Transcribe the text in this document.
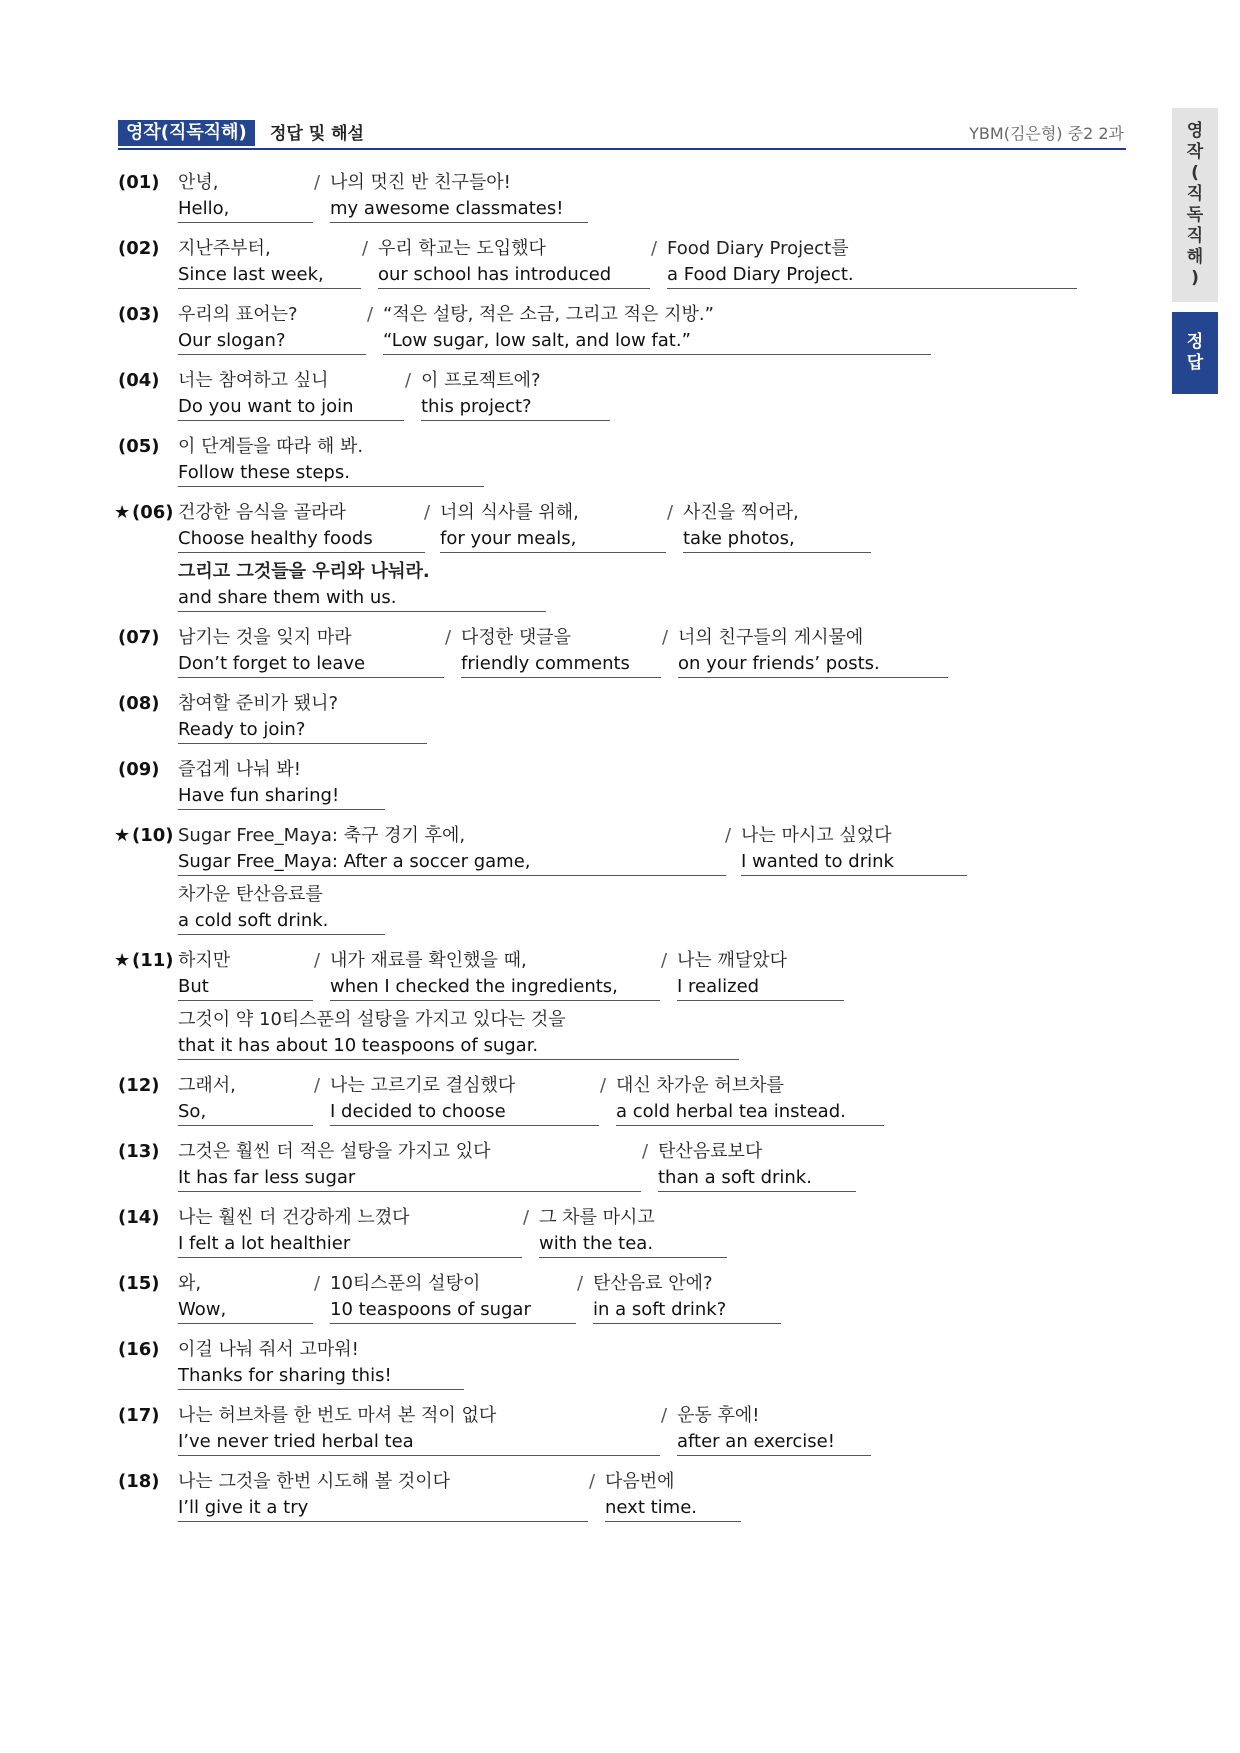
영작(직독직해)	정답 및 해설	YBM(김은형) 중2 2과	영
작
(
직
독
직
해
)
정
답
(01) 안녕,
Hello,
/ 나의 멋진 반 친구들아!
my awesome classmates!
(02) 지난주부터,
Since last week,
/ 우리 학교는 도입했다
our school has introduced
/ Food Diary Project를
a Food Diary Project.
(03) 우리의 표어는?
Our slogan?
/ “적은 설탕, 적은 소금, 그리고 적은 지방.”
“Low sugar, low salt, and low fat.”
(04) 너는 참여하고 싶니
Do you want to join
/ 이 프로젝트에?
this project?
(05) 이 단계들을 따라 해 봐.
Follow these steps.
★ (06) 건강한 음식을 골라라
Choose healthy foods
/ 너의 식사를 위해,
for your meals,
/ 사진을 찍어라,
take photos,
그리고 그것들을 우리와 나눠라.
and share them with us.
(07) 남기는 것을 잊지 마라
Don’t forget to leave
/ 다정한 댓글을
friendly comments
/ 너의 친구들의 게시물에
on your friends’ posts.
(08) 참여할 준비가 됐니?
Ready to join?
(09) 즐겁게 나눠 봐!
Have fun sharing!
★ (10) Sugar Free_Maya: 축구 경기 후에,
Sugar Free_Maya: After a soccer game,
/ 나는 마시고 싶었다
I wanted to drink
차가운 탄산음료를
a cold soft drink.
★ (11) 하지만
But
/ 내가 재료를 확인했을 때,
when I checked the ingredients,
/ 나는 깨달았다
I realized
그것이 약 10티스푼의 설탕을 가지고 있다는 것을
that it has about 10 teaspoons of sugar.
(12) 그래서,
So,
/ 나는 고르기로 결심했다
I decided to choose
/ 대신 차가운 허브차를
a cold herbal tea instead.
(13) 그것은 훨씬 더 적은 설탕을 가지고 있다
It has far less sugar
/ 탄산음료보다
than a soft drink.
(14) 나는 훨씬 더 건강하게 느꼈다
I felt a lot healthier
/ 그 차를 마시고
with the tea.
(15) 와,
Wow,
/ 10티스푼의 설탕이
10 teaspoons of sugar
/ 탄산음료 안에?
in a soft drink?
(16) 이걸 나눠 줘서 고마워!
Thanks for sharing this!
(17) 나는 허브차를 한 번도 마셔 본 적이 없다
I’ve never tried herbal tea
/ 운동 후에!
after an exercise!
(18) 나는 그것을 한번 시도해 볼 것이다
I’ll give it a try
/ 다음번에
next time.
